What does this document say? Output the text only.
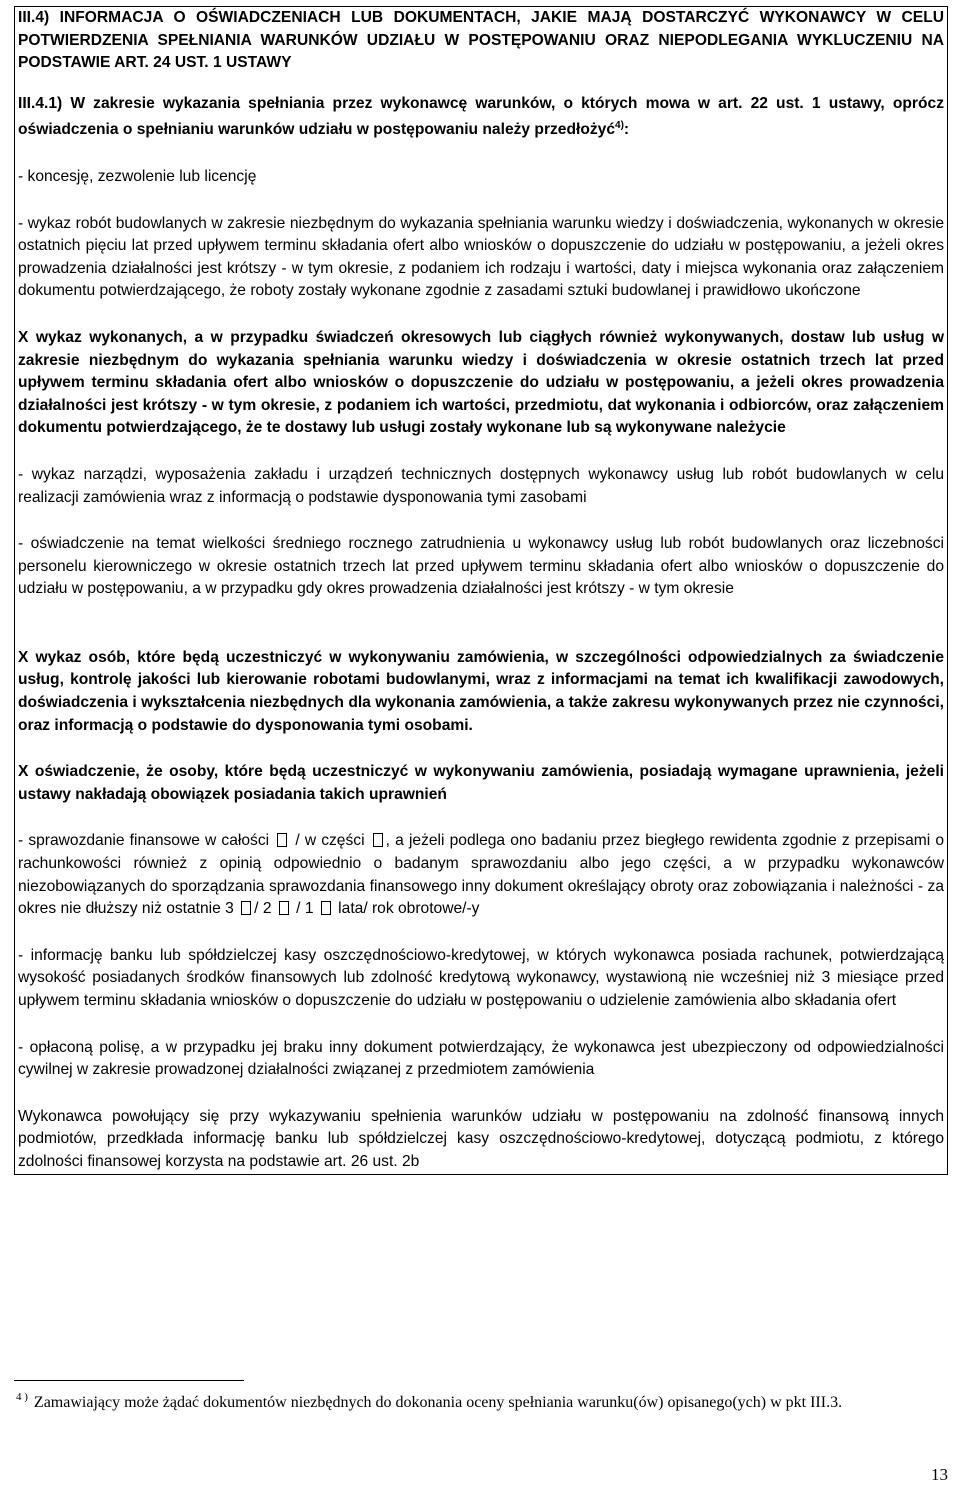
III.4) INFORMACJA O OŚWIADCZENIACH LUB DOKUMENTACH, JAKIE MAJĄ DOSTARCZYĆ WYKONAWCY W CELU POTWIERDZENIA SPEŁNIANIA WARUNKÓW UDZIAŁU W POSTĘPOWANIU ORAZ NIEPODLEGANIA WYKLUCZENIU NA PODSTAWIE ART. 24 UST. 1 USTAWY

III.4.1) W zakresie wykazania spełniania przez wykonawcę warunków, o których mowa w art. 22 ust. 1 ustawy, oprócz oświadczenia o spełnianiu warunków udziału w postępowaniu należy przedłożyć$^{4)}$:

- koncesję, zezwolenie lub licencję

- wykaz robót budowlanych w zakresie niezbędnym do wykazania spełniania warunku wiedzy i doświadczenia, wykonanych w okresie ostatnich pięciu lat przed upływem terminu składania ofert albo wniosków o dopuszczenie do udziału w postępowaniu, a jeżeli okres prowadzenia działalności jest krótszy - w tym okresie, z podaniem ich rodzaju i wartości, daty i miejsca wykonania oraz załączeniem dokumentu potwierdzającego, że roboty zostały wykonane zgodnie z zasadami sztuki budowlanej i prawidłowo ukończone

X wykaz wykonanych, a w przypadku świadczeń okresowych lub ciągłych również wykonywanych, dostaw lub usług w zakresie niezbędnym do wykazania spełniania warunku wiedzy i doświadczenia w okresie ostatnich trzech lat przed upływem terminu składania ofert albo wniosków o dopuszczenie do udziału w postępowaniu, a jeżeli okres prowadzenia działalności jest krótszy - w tym okresie, z podaniem ich wartości, przedmiotu, dat wykonania i odbiorców, oraz załączeniem dokumentu potwierdzającego, że te dostawy lub usługi zostały wykonane lub są wykonywane należycie

- wykaz narządzi, wyposażenia zakładu i urządzeń technicznych dostępnych wykonawcy usług lub robót budowlanych w celu realizacji zamówienia wraz z informacją o podstawie dysponowania tymi zasobami

- oświadczenie na temat wielkości średniego rocznego zatrudnienia u wykonawcy usług lub robót budowlanych oraz liczebności personelu kierowniczego w okresie ostatnich trzech lat przed upływem terminu składania ofert albo wniosków o dopuszczenie do udziału w postępowaniu, a w przypadku gdy okres prowadzenia działalności jest krótszy - w tym okresie

X wykaz osób, które będą uczestniczyć w wykonywaniu zamówienia, w szczególności odpowiedzialnych za świadczenie usług, kontrolę jakości lub kierowanie robotami budowlanymi, wraz z informacjami na temat ich kwalifikacji zawodowych, doświadczenia i wykształcenia niezbędnych dla wykonania zamówienia, a także zakresu wykonywanych przez nie czynności, oraz informacją o podstawie do dysponowania tymi osobami.

X oświadczenie, że osoby, które będą uczestniczyć w wykonywaniu zamówienia, posiadają wymagane uprawnienia, jeżeli ustawy nakładają obowiązek posiadania takich uprawnień

- sprawozdanie finansowe w całości  / w części , a jeżeli podlega ono badaniu przez biegłego rewidenta zgodnie z przepisami o rachunkowości również z opinią odpowiednio o badanym sprawozdaniu albo jego części, a w przypadku wykonawców niezobowiązanych do sporządzania sprawozdania finansowego inny dokument określający obroty oraz zobowiązania i należności - za okres nie dłuższy niż ostatnie 3 / 2  / 1  lata/ rok obrotowe/-y

- informację banku lub spółdzielczej kasy oszczędnościowo-kredytowej, w których wykonawca posiada rachunek, potwierdzającą wysokość posiadanych środków finansowych lub zdolność kredytową wykonawcy, wystawioną nie wcześniej niż 3 miesiące przed upływem terminu składania wniosków o dopuszczenie do udziału w postępowaniu o udzielenie zamówienia albo składania ofert

- opłaconą polisę, a w przypadku jej braku inny dokument potwierdzający, że wykonawca jest ubezpieczony od odpowiedzialności cywilnej w zakresie prowadzonej działalności związanej z przedmiotem zamówienia

Wykonawca powołujący się przy wykazywaniu spełnienia warunków udziału w postępowaniu na zdolność finansową innych podmiotów, przedkłada informację banku lub spółdzielczej kasy oszczędnościowo-kredytowej, dotyczącą podmiotu, z którego zdolności finansowej korzysta na podstawie art. 26 ust. 2b

$^{4 )}$ Zamawiający może żądać dokumentów niezbędnych do dokonania oceny spełniania warunku(ów) opisanego(ych) w pkt III.3.
13
